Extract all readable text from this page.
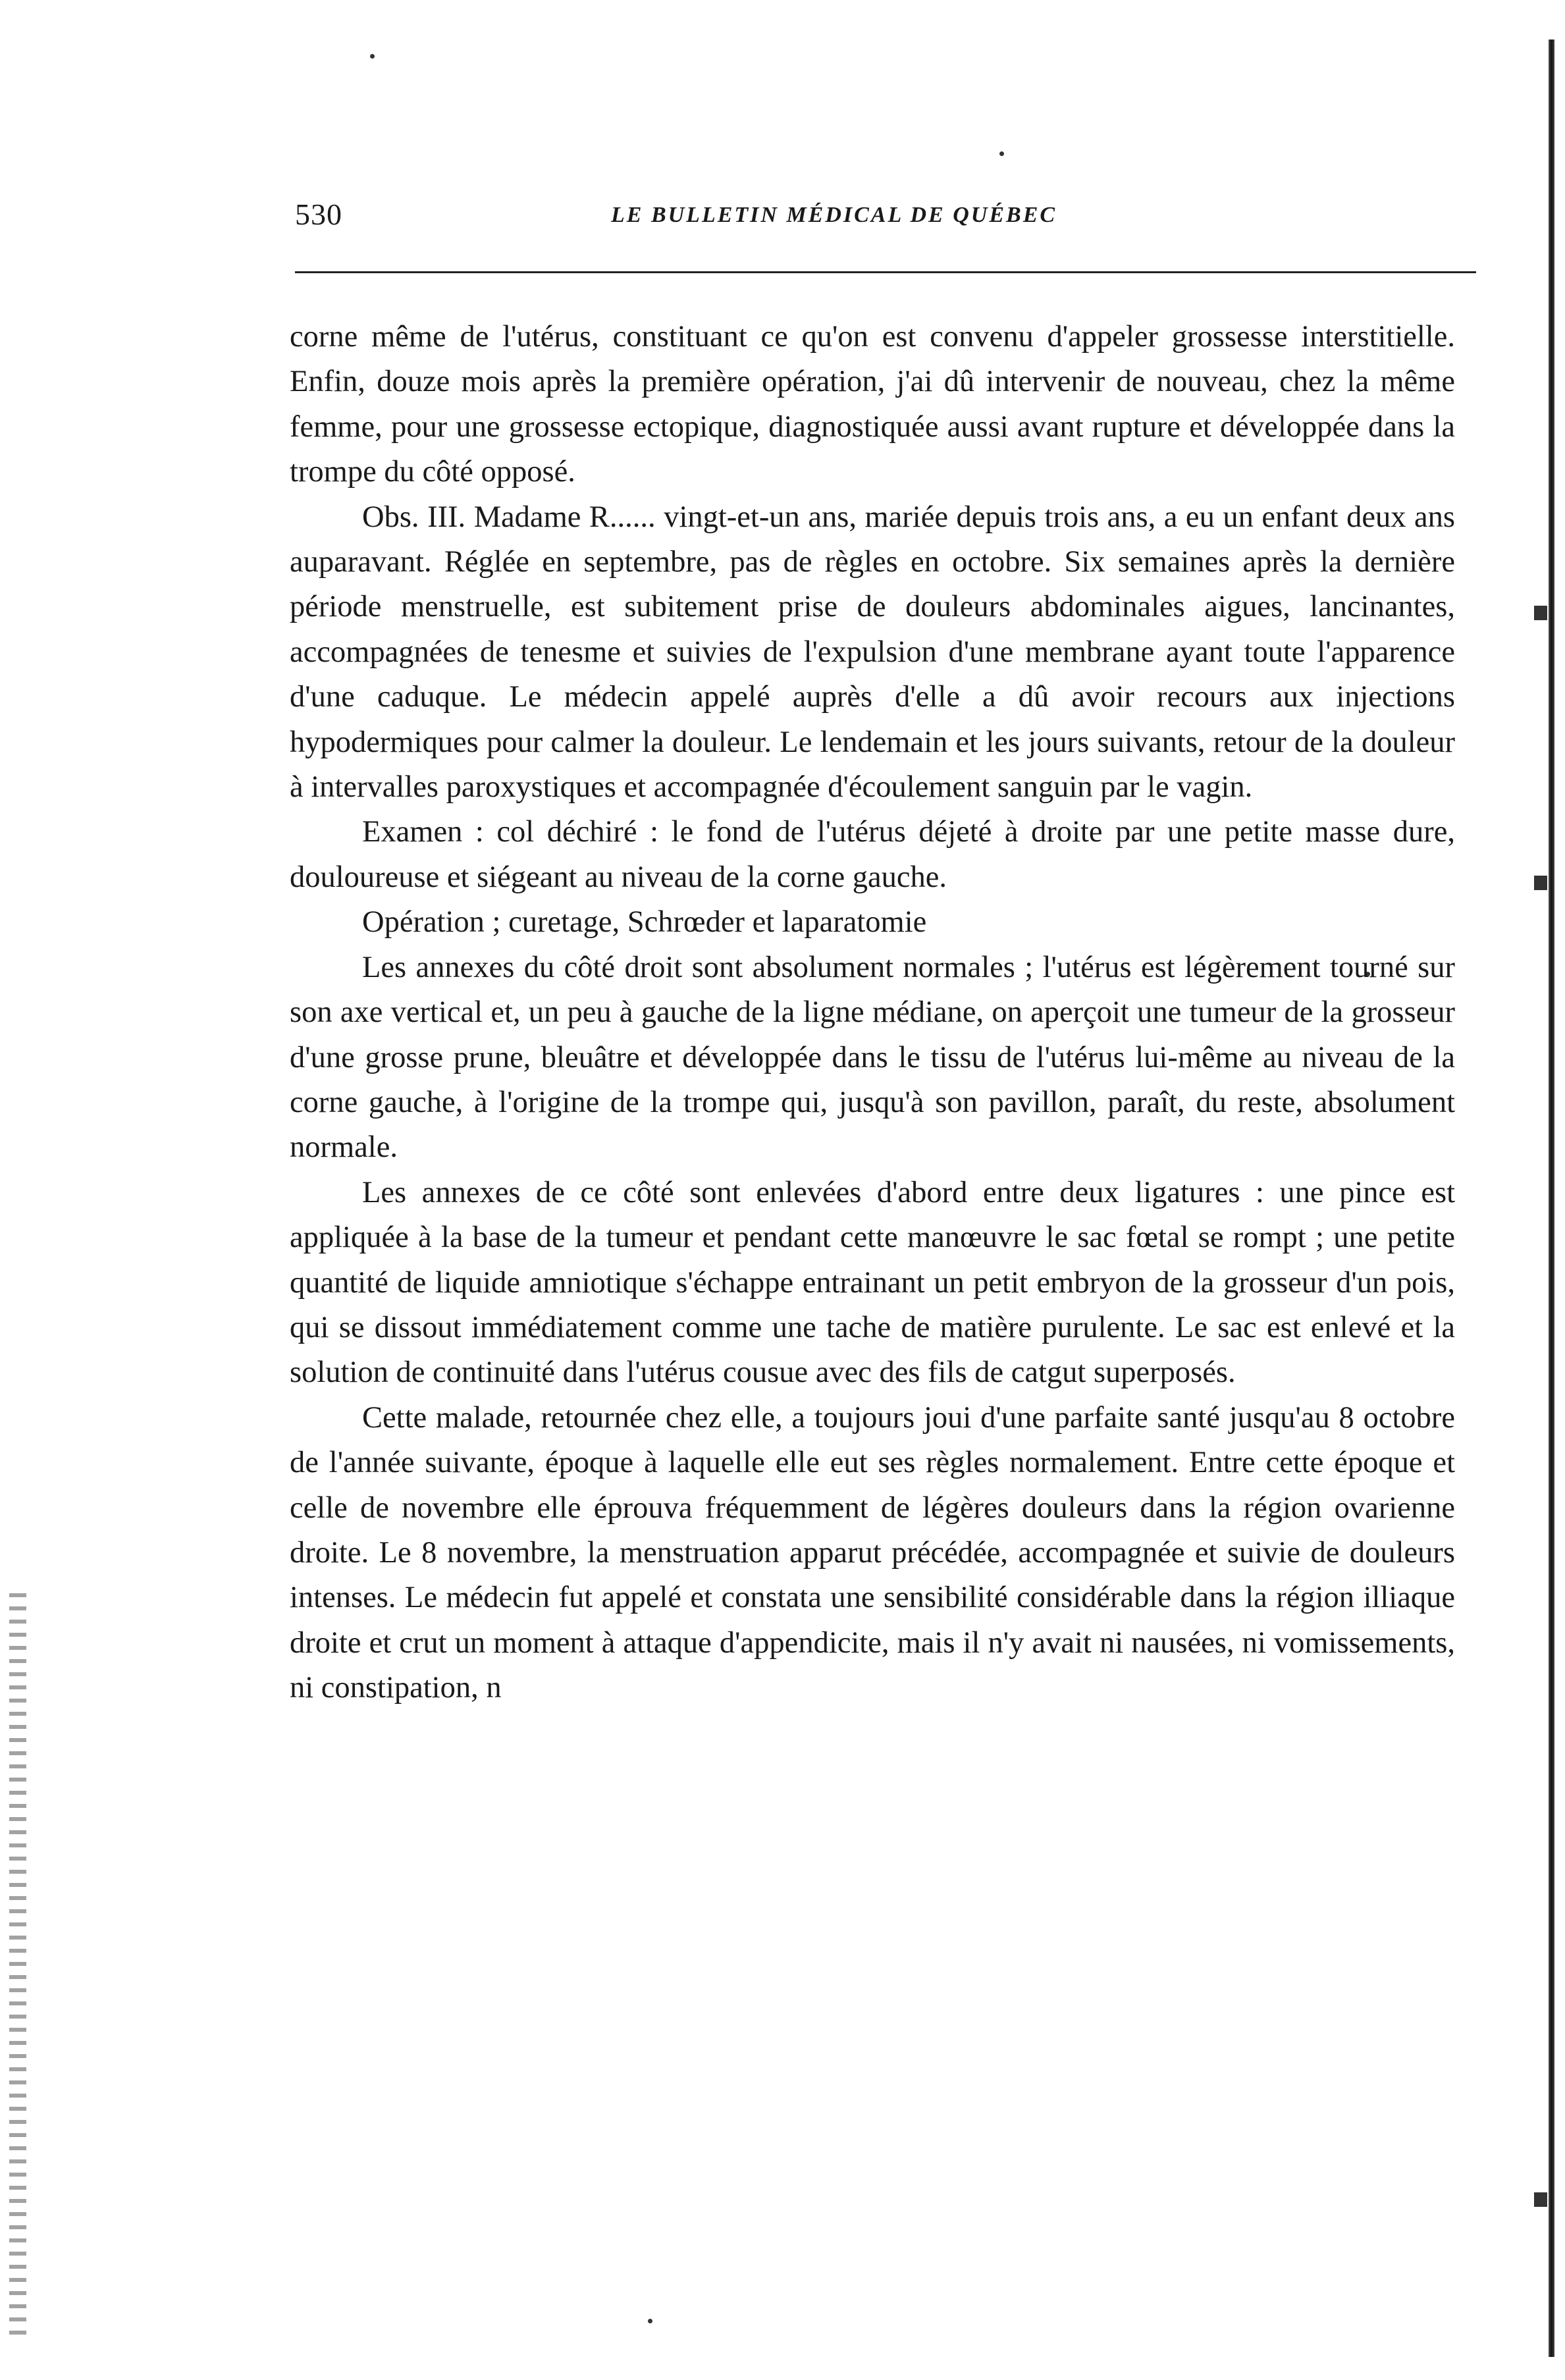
530	LE BULLETIN MÉDICAL DE QUÉBEC

corne même de l'utérus, constituant ce qu'on est convenu d'appeler grossesse interstitielle. Enfin, douze mois après la première opération, j'ai dû intervenir de nouveau, chez la même femme, pour une grossesse ectopique, diagnostiquée aussi avant rupture et développée dans la trompe du côté opposé.

Obs. III. Madame R...... vingt-et-un ans, mariée depuis trois ans, a eu un enfant deux ans auparavant. Réglée en septembre, pas de règles en octobre. Six semaines après la dernière période menstruelle, est subitement prise de douleurs abdominales aigues, lancinantes, accompagnées de tenesme et suivies de l'expulsion d'une membrane ayant toute l'apparence d'une caduque. Le médecin appelé auprès d'elle a dû avoir recours aux injections hypodermiques pour calmer la douleur. Le lendemain et les jours suivants, retour de la douleur à intervalles paroxystiques et accompagnée d'écoulement sanguin par le vagin.

Examen : col déchiré : le fond de l'utérus déjeté à droite par une petite masse dure, douloureuse et siégeant au niveau de la corne gauche.

Opération ; curetage, Schrœder et laparatomie

Les annexes du côté droit sont absolument normales ; l'utérus est légèrement tourné sur son axe vertical et, un peu à gauche de la ligne médiane, on aperçoit une tumeur de la grosseur d'une grosse prune, bleuâtre et développée dans le tissu de l'utérus lui-même au niveau de la corne gauche, à l'origine de la trompe qui, jusqu'à son pavillon, paraît, du reste, absolument normale.

Les annexes de ce côté sont enlevées d'abord entre deux ligatures : une pince est appliquée à la base de la tumeur et pendant cette manœuvre le sac fœtal se rompt ; une petite quantité de liquide amniotique s'échappe entrainant un petit embryon de la grosseur d'un pois, qui se dissout immédiatement comme une tache de matière purulente. Le sac est enlevé et la solution de continuité dans l'utérus cousue avec des fils de catgut superposés.

Cette malade, retournée chez elle, a toujours joui d'une parfaite santé jusqu'au 8 octobre de l'année suivante, époque à laquelle elle eut ses règles normalement. Entre cette époque et celle de novembre elle éprouva fréquemment de légères douleurs dans la région ovarienne droite. Le 8 novembre, la menstruation apparut précédée, accompagnée et suivie de douleurs intenses. Le médecin fut appelé et constata une sensibilité considérable dans la région illiaque droite et crut un moment à attaque d'appendicite, mais il n'y avait ni nausées, ni vomissements, ni constipation, n
